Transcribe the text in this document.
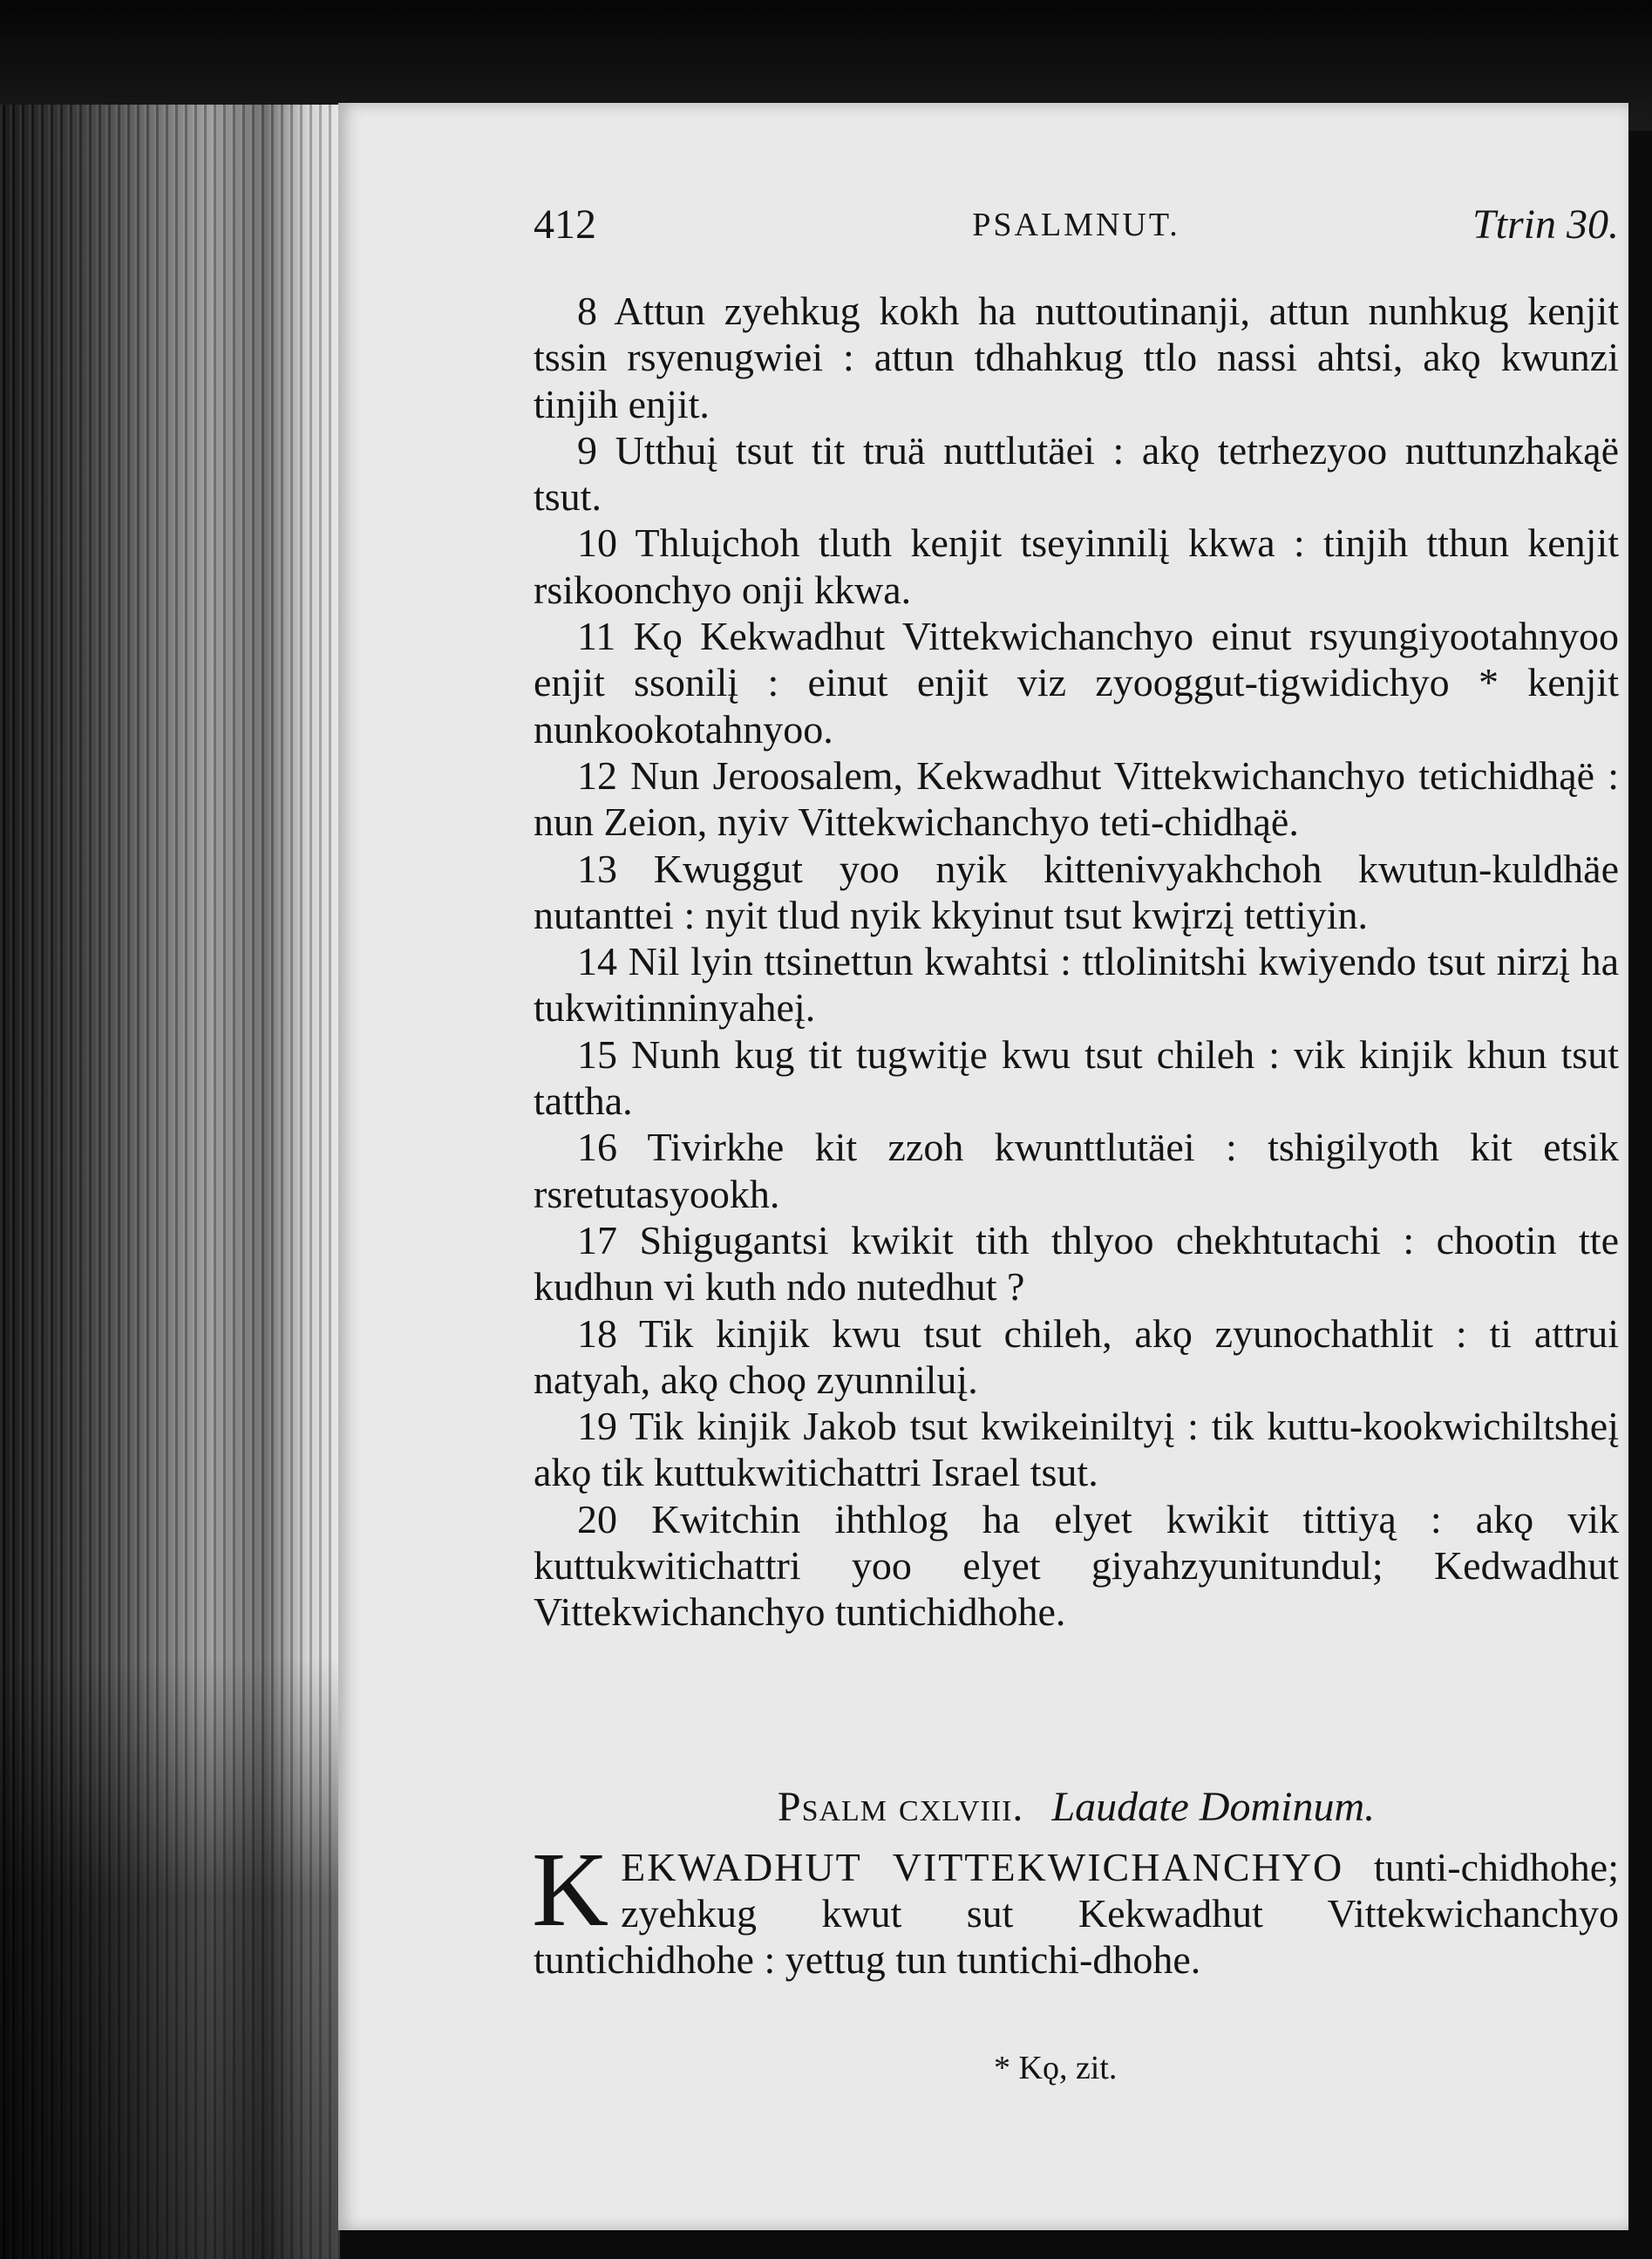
412	PSALMNUT.	Ttrin 30.

8 Attun zyehkug kokh ha nuttoutinanji, attun nunhkug kenjit tssin rsyenugwiei : attun tdhahkug ttlo nassi ahtsi, akǫ kwunzi tinjih enjit.

9 Utthuį tsut tit truä nuttlutäei : akǫ tetrhezyoo nuttunzhakąë tsut.

10 Thluįchoh tluth kenjit tseyinnilį kkwa : tinjih tthun kenjit rsikoonchyo onji kkwa.

11 Kǫ Kekwadhut Vittekwichanchyo einut rsyungiyootahnyoo enjit ssonilį : einut enjit viz zyooggut-tigwidichyo * kenjit nunkookotahnyoo.

12 Nun Jeroosalem, Kekwadhut Vittekwichanchyo tetichidhąë : nun Zeion, nyiv Vittekwichanchyo teti-chidhąë.

13 Kwuggut yoo nyik kittenivyakhchoh kwutun-kuldhäe nutanttei : nyit tlud nyik kkyinut tsut kwįrzį tettiyin.

14 Nil lyin ttsinettun kwahtsi : ttlolinitshi kwiyendo tsut nirzį ha tukwitinninyaheį.

15 Nunh kug tit tugwitįe kwu tsut chileh : vik kinjik khun tsut tattha.

16 Tivirkhe kit zzoh kwunttlutäei : tshigilyoth kit etsik rsretutasyookh.

17 Shigugantsi kwikit tith thlyoo chekhtutachi : chootin tte kudhun vi kuth ndo nutedhut ?

18 Tik kinjik kwu tsut chileh, akǫ zyunochathlit : ti attrui natyah, akǫ choǫ zyunniluį.

19 Tik kinjik Jakob tsut kwikeiniltyį : tik kuttu-kookwichiltsheį akǫ tik kuttukwitichattri Israel tsut.

20 Kwitchin ihthlog ha elyet kwikit tittiyą : akǫ vik kuttukwitichattri yoo elyet giyahzyunitundul; Kedwadhut Vittekwichanchyo tuntichidhohe.

Psalm cxlviii. Laudate Dominum.
KEKWADHUT VITTEKWICHANCHYO tunti-chidhohe; zyehkug kwut sut Kekwadhut Vittekwichanchyo tuntichidhohe : yettug tun tuntichi-dhohe.
* Kǫ, zit.
